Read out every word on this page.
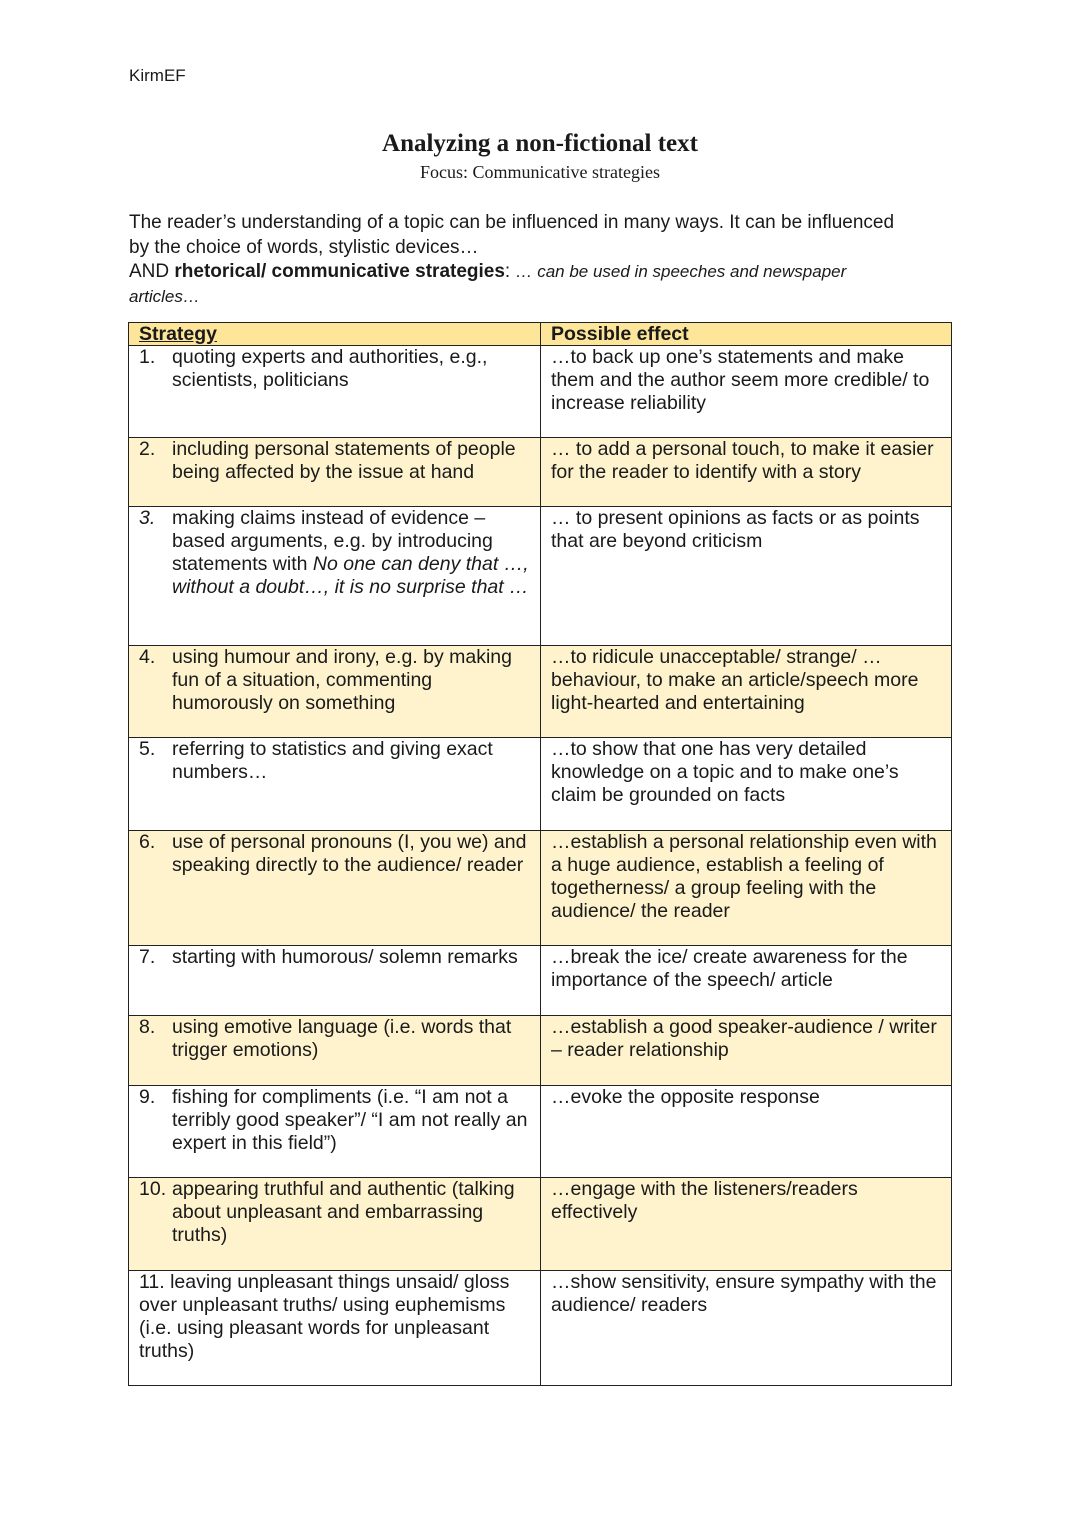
KirmEF
Analyzing a non-fictional text
Focus: Communicative strategies
The reader’s understanding of a topic can be influenced in many ways. It can be influenced
by the choice of words, stylistic devices…
AND rhetorical/ communicative strategies: … can be used in speeches and newspaper
articles…
Strategy	Possible effect

1. quoting experts and authorities, e.g., scientists, politicians	…to back up one’s statements and make them and the author seem more credible/ to increase reliability

2. including personal statements of people being affected by the issue at hand	… to add a personal touch, to make it easier for the reader to identify with a story

3. making claims instead of evidence – based arguments, e.g. by introducing statements with No one can deny that …, without a doubt…, it is no surprise that …	… to present opinions as facts or as points that are beyond criticism

4. using humour and irony, e.g. by making fun of a situation, commenting humorously on something	…to ridicule unacceptable/ strange/ … behaviour, to make an article/speech more light-hearted and entertaining

5. referring to statistics and giving exact numbers…	…to show that one has very detailed knowledge on a topic and to make one’s claim be grounded on facts

6. use of personal pronouns (I, you we) and speaking directly to the audience/ reader	…establish a personal relationship even with a huge audience, establish a feeling of togetherness/ a group feeling with the audience/ the reader

7. starting with humorous/ solemn remarks	…break the ice/ create awareness for the importance of the speech/ article

8. using emotive language (i.e. words that trigger emotions)	…establish a good speaker-audience / writer – reader relationship

9. fishing for compliments (i.e. “I am not a terribly good speaker”/ “I am not really an expert in this field”)	…evoke the opposite response

10. appearing truthful and authentic (talking about unpleasant and embarrassing truths)	…engage with the listeners/readers effectively
11. leaving unpleasant things unsaid/ gloss over unpleasant truths/ using euphemisms (i.e. using pleasant words for unpleasant truths)	…show sensitivity, ensure sympathy with the audience/ readers
